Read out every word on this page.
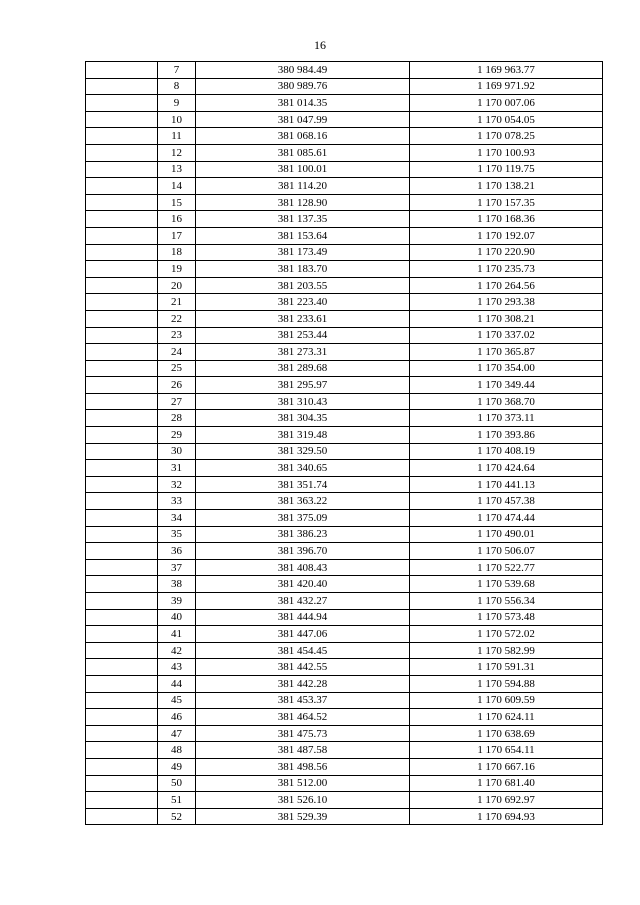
16
	7	380 984.49	1 169 963.77
	8	380 989.76	1 169 971.92
	9	381 014.35	1 170 007.06
	10	381 047.99	1 170 054.05
	11	381 068.16	1 170 078.25
	12	381 085.61	1 170 100.93
	13	381 100.01	1 170 119.75
	14	381 114.20	1 170 138.21
	15	381 128.90	1 170 157.35
	16	381 137.35	1 170 168.36
	17	381 153.64	1 170 192.07
	18	381 173.49	1 170 220.90
	19	381 183.70	1 170 235.73
	20	381 203.55	1 170 264.56
	21	381 223.40	1 170 293.38
	22	381 233.61	1 170 308.21
	23	381 253.44	1 170 337.02
	24	381 273.31	1 170 365.87
	25	381 289.68	1 170 354.00
	26	381 295.97	1 170 349.44
	27	381 310.43	1 170 368.70
	28	381 304.35	1 170 373.11
	29	381 319.48	1 170 393.86
	30	381 329.50	1 170 408.19
	31	381 340.65	1 170 424.64
	32	381 351.74	1 170 441.13
	33	381 363.22	1 170 457.38
	34	381 375.09	1 170 474.44
	35	381 386.23	1 170 490.01
	36	381 396.70	1 170 506.07
	37	381 408.43	1 170 522.77
	38	381 420.40	1 170 539.68
	39	381 432.27	1 170 556.34
	40	381 444.94	1 170 573.48
	41	381 447.06	1 170 572.02
	42	381 454.45	1 170 582.99
	43	381 442.55	1 170 591.31
	44	381 442.28	1 170 594.88
	45	381 453.37	1 170 609.59
	46	381 464.52	1 170 624.11
	47	381 475.73	1 170 638.69
	48	381 487.58	1 170 654.11
	49	381 498.56	1 170 667.16
	50	381 512.00	1 170 681.40
	51	381 526.10	1 170 692.97
	52	381 529.39	1 170 694.93
